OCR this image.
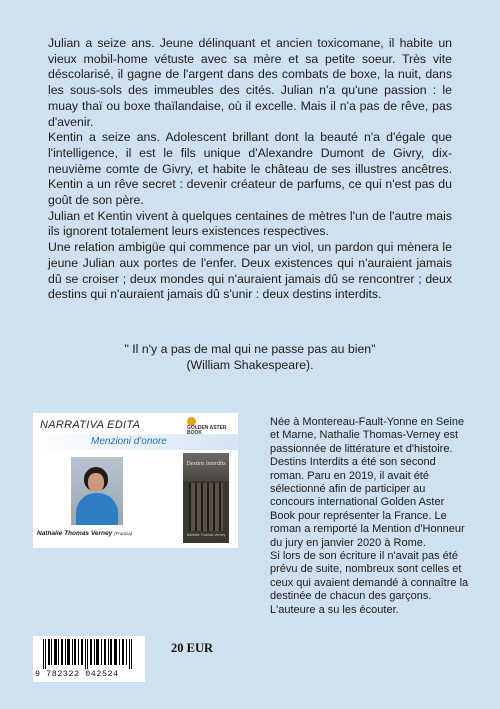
Julian a seize ans. Jeune délinquant et ancien toxicomane, il habite un vieux mobil-home vétuste avec sa mère et sa petite soeur. Très vite déscolarisé, il gagne de l'argent dans des combats de boxe, la nuit, dans les sous-sols des immeubles des cités. Julian n'a qu'une passion : le muay thaï ou boxe thaïlandaise, où il excelle. Mais il n'a pas de rêve, pas d'avenir.

Kentin a seize ans. Adolescent brillant dont la beauté n'a d'égale que l'intelligence, il est le fils unique d'Alexandre Dumont de Givry, dix-neuvième comte de Givry, et habite le château de ses illustres ancêtres. Kentin a un rêve secret : devenir créateur de parfums, ce qui n'est pas du goût de son père.

Julian et Kentin vivent à quelques centaines de mètres l'un de l'autre mais ils ignorent totalement leurs existences respectives.

Une relation ambigüe qui commence par un viol, un pardon qui mènera le jeune Julian aux portes de l'enfer. Deux existences qui n'auraient jamais dû se croiser ; deux mondes qui n'auraient jamais dû se rencontrer ; deux destins qui n'auraient jamais dû s'unir : deux destins interdits.

" Il n'y a pas de mal qui ne passe pas au bien"
(William Shakespeare).
NARRATIVA EDITA	GOLDEN ASTER
Menzioni d'onore
Nathalie Thomas Verney (Francia)
Destins interdits
Nathalie Thomas-Verney
9 782322 042524
20 EUR

Née à Montereau-Fault-Yonne en Seine et Marne, Nathalie Thomas-Verney est passionnée de littérature et d'histoire.

Destins Interdits a été son second roman. Paru en 2019, il avait été sélectionné afin de participer au concours international Golden Aster Book pour représenter la France. Le roman a remporté la Mention d'Honneur du jury en janvier 2020 à Rome.

Si lors de son écriture il n'avait pas été prévu de suite, nombreux sont celles et ceux qui avaient demandé à connaître la destinée de chacun des garçons. L'auteure a su les écouter.
